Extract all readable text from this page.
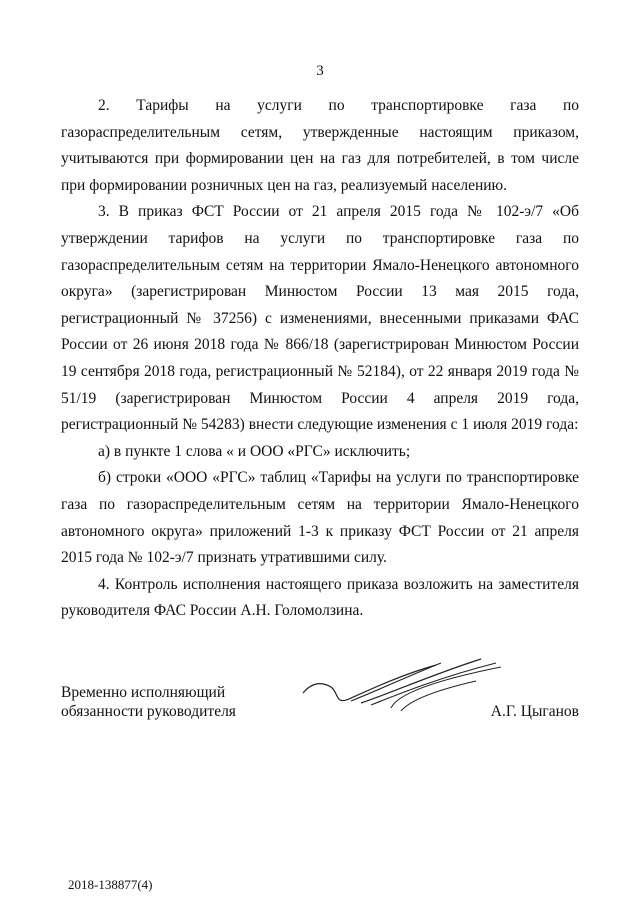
3

2. Тарифы на услуги по транспортировке газа по газораспределительным сетям, утвержденные настоящим приказом, учитываются при формировании цен на газ для потребителей, в том числе при формировании розничных цен на газ, реализуемый населению.

3. В приказ ФСТ России от 21 апреля 2015 года № 102-э/7 «Об утверждении тарифов на услуги по транспортировке газа по газораспределительным сетям на территории Ямало-Ненецкого автономного округа» (зарегистрирован Минюстом России 13 мая 2015 года, регистрационный № 37256) с изменениями, внесенными приказами ФАС России от 26 июня 2018 года № 866/18 (зарегистрирован Минюстом России 19 сентября 2018 года, регистрационный № 52184), от 22 января 2019 года № 51/19 (зарегистрирован Минюстом России 4 апреля 2019 года, регистрационный № 54283) внести следующие изменения с 1 июля 2019 года:

а) в пункте 1 слова « и ООО «РГС» исключить;

б) строки «ООО «РГС» таблиц «Тарифы на услуги по транспортировке газа по газораспределительным сетям на территории Ямало-Ненецкого автономного округа» приложений 1-3 к приказу ФСТ России от 21 апреля 2015 года № 102-э/7 признать утратившими силу.

4. Контроль исполнения настоящего приказа возложить на заместителя руководителя ФАС России А.Н. Голомолзина.

Временно исполняющий
обязанности руководителя	А.Г. Цыганов
2018-138877(4)
